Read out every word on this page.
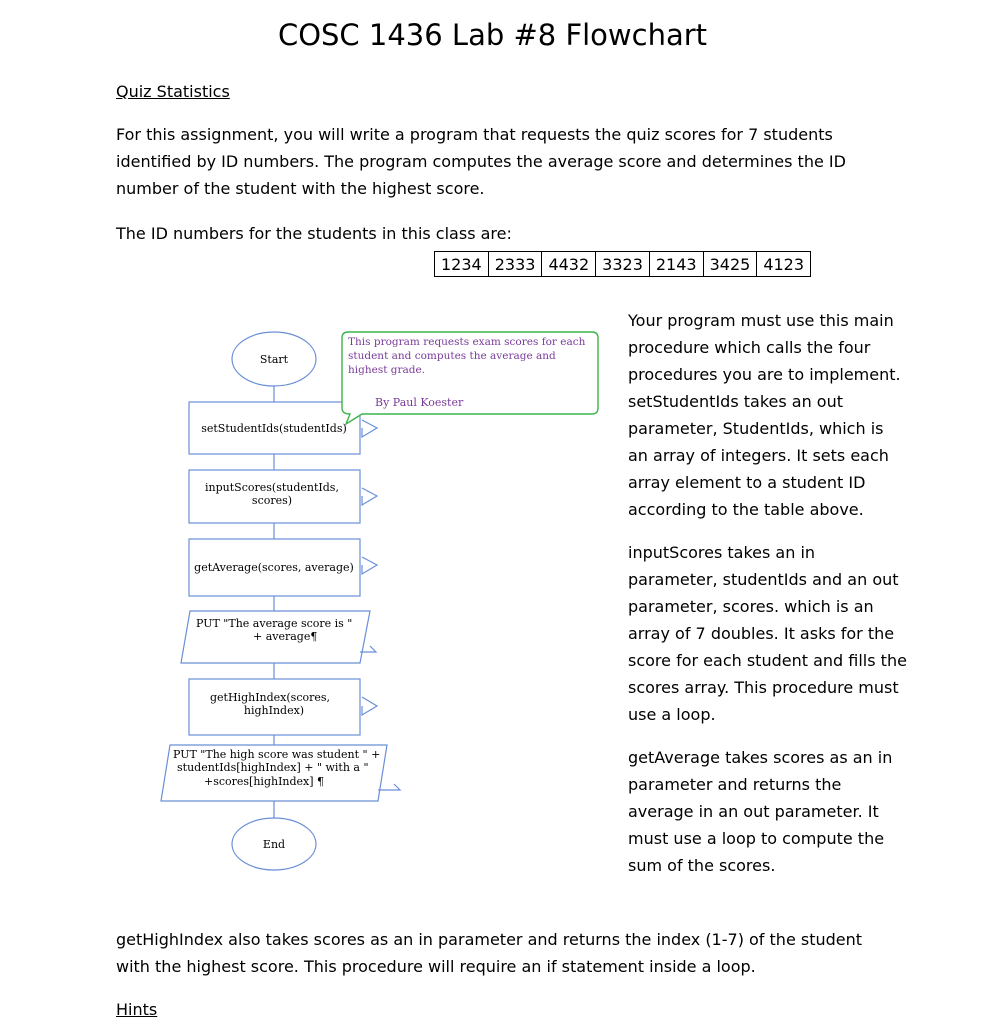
COSC 1436 Lab #8 Flowchart
Quiz Statistics
For this assignment, you will write a program that requests the quiz scores for 7 students
identified by ID numbers. The program computes the average score and determines the ID
number of the student with the highest score.
The ID numbers for the students in this class are:
1234	2333	4432	3323	2143	3425	4123
Start
setStudentIds(studentIds)
inputScores(studentIds,
scores)
getAverage(scores, average)
PUT "The average score is "
+ average¶
getHighIndex(scores,
highIndex)
PUT "The high score was student " +
studentIds[highIndex] + " with a "
+scores[highIndex] ¶
End
This program requests exam scores for each
student and computes the average and
highest grade.
By Paul Koester

Your program must use this main procedure which calls the four procedures you are to implement. setStudentIds takes an out parameter, StudentIds, which is an array of integers. It sets each array element to a student ID according to the table above.

inputScores takes an in parameter, studentIds and an out parameter, scores. which is an array of 7 doubles. It asks for the score for each student and fills the scores array. This procedure must use a loop.

getAverage takes scores as an in parameter and returns the average in an out parameter. It must use a loop to compute the sum of the scores.

getHighIndex also takes scores as an in parameter and returns the index (1-7) of the student
with the highest score. This procedure will require an if statement inside a loop.
Hints
